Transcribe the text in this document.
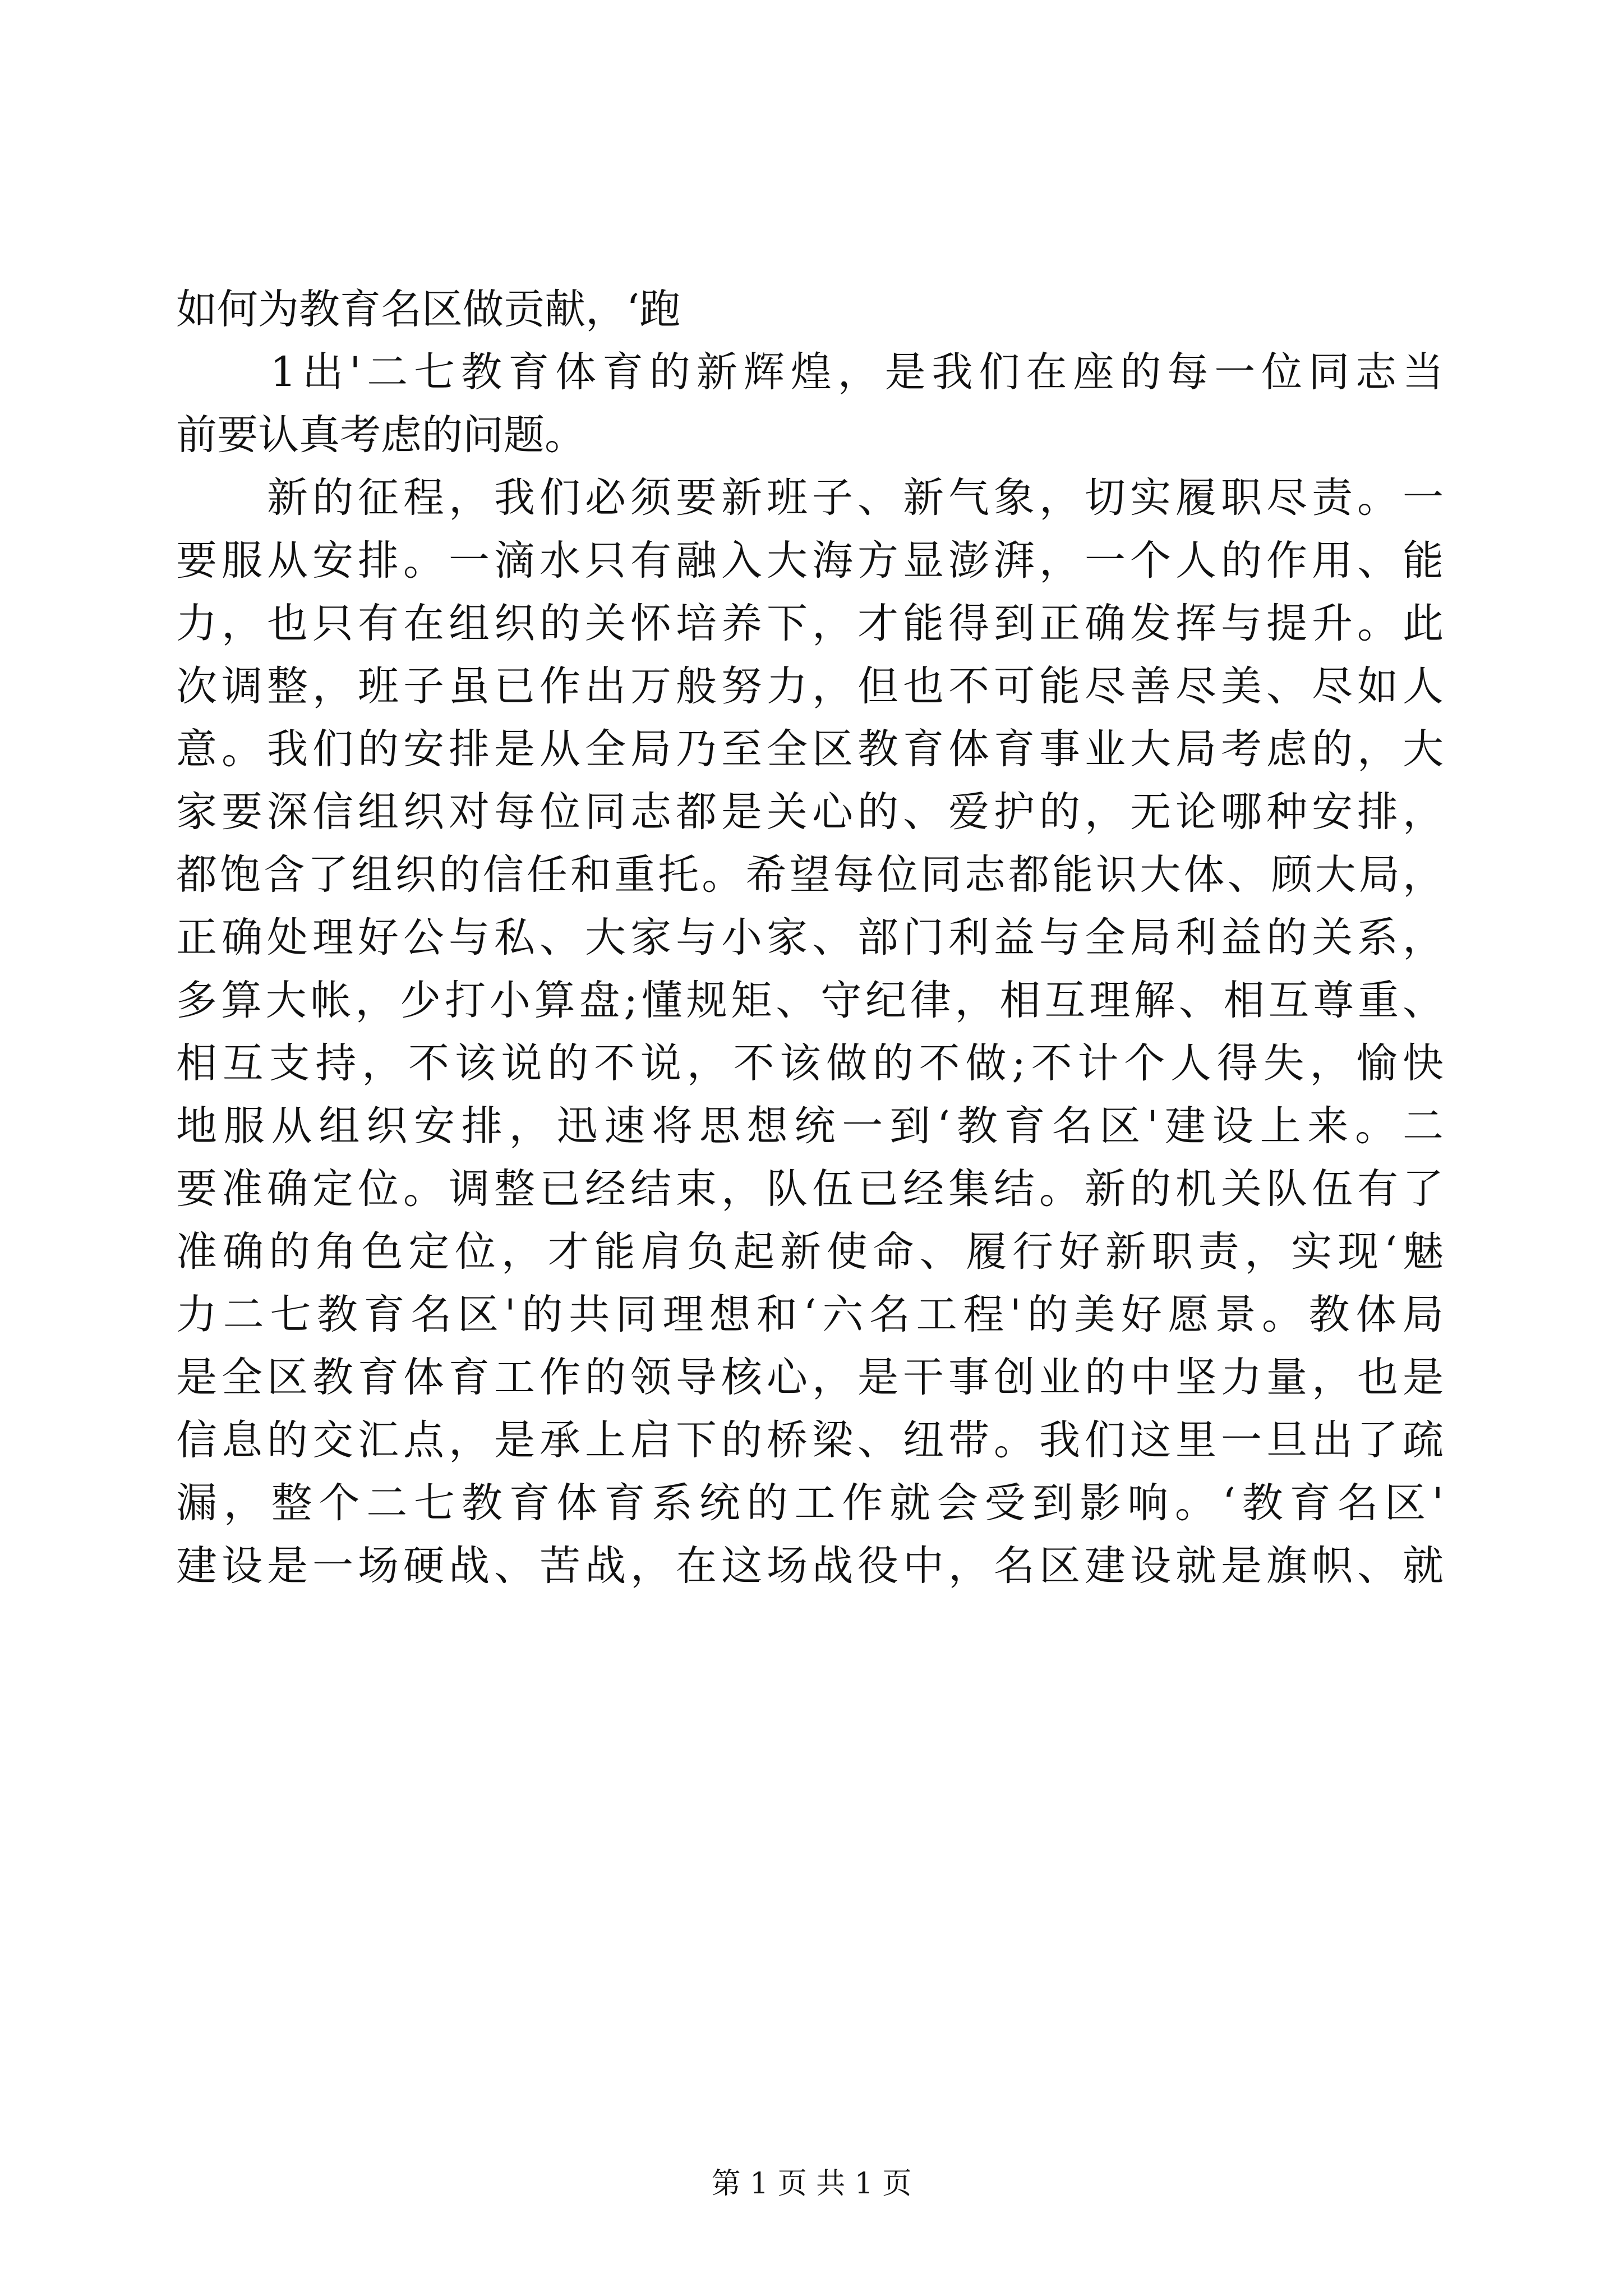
如何为教育名区做贡献，‘跑
　　1出'二七教育体育的新辉煌，是我们在座的每一位同志当
前要认真考虑的问题。
　　新的征程，我们必须要新班子、新气象，切实履职尽责。一
要服从安排。一滴水只有融入大海方显澎湃，一个人的作用、能
力，也只有在组织的关怀培养下，才能得到正确发挥与提升。此
次调整，班子虽已作出万般努力，但也不可能尽善尽美、尽如人
意。我们的安排是从全局乃至全区教育体育事业大局考虑的，大
家要深信组织对每位同志都是关心的、爱护的，无论哪种安排，
都饱含了组织的信任和重托。希望每位同志都能识大体、顾大局，
正确处理好公与私、大家与小家、部门利益与全局利益的关系，
多算大帐，少打小算盘;懂规矩、守纪律，相互理解、相互尊重、
相互支持，不该说的不说，不该做的不做;不计个人得失，愉快
地服从组织安排，迅速将思想统一到‘教育名区'建设上来。二
要准确定位。调整已经结束，队伍已经集结。新的机关队伍有了
准确的角色定位，才能肩负起新使命、履行好新职责，实现‘魅
力二七教育名区'的共同理想和‘六名工程'的美好愿景。教体局
是全区教育体育工作的领导核心，是干事创业的中坚力量，也是
信息的交汇点，是承上启下的桥梁、纽带。我们这里一旦出了疏
漏，整个二七教育体育系统的工作就会受到影响。‘教育名区'
建设是一场硬战、苦战，在这场战役中，名区建设就是旗帜、就
第 1 页 共 1 页
